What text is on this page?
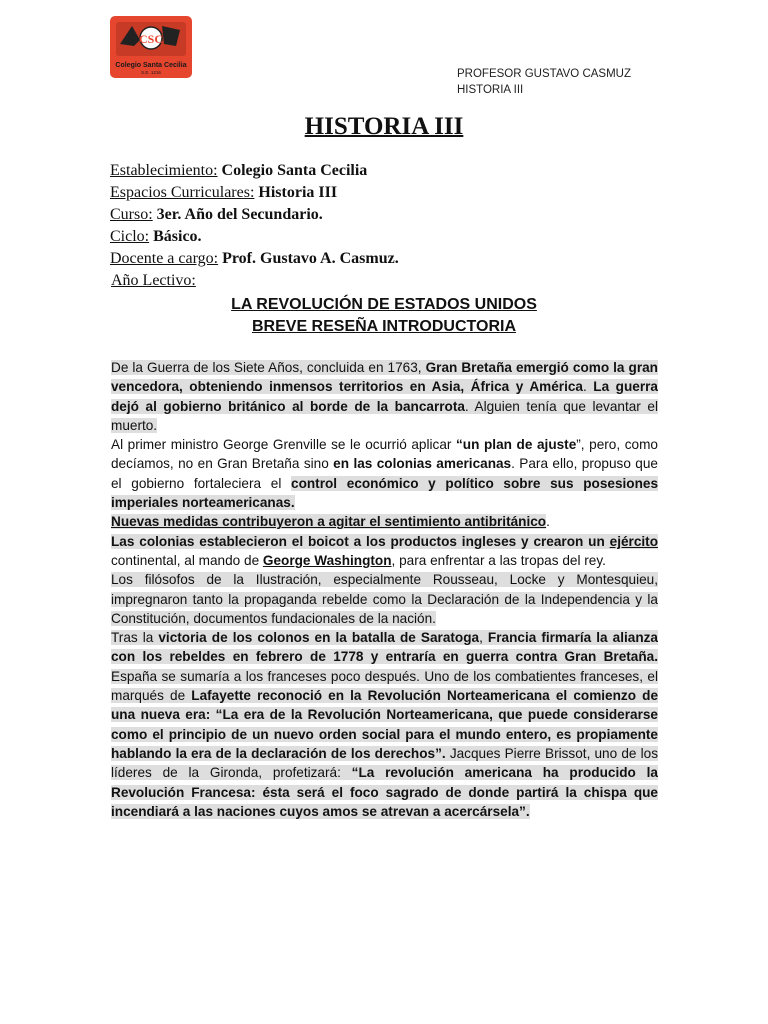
CSC
Colegio Santa Cecilia
S.E. 1216	PROFESOR GUSTAVO CASMUZ
HISTORIA III
HISTORIA III
Establecimiento: Colegio Santa Cecilia
Espacios Curriculares: Historia III
Curso: 3er. Año del Secundario.
Ciclo: Básico.
Docente a cargo: Prof. Gustavo A. Casmuz.
Año Lectivo:
LA REVOLUCIÓN DE ESTADOS UNIDOS
BREVE RESEÑA INTRODUCTORIA

De la Guerra de los Siete Años, concluida en 1763, Gran Bretaña emergió como la gran vencedora, obteniendo inmensos territorios en Asia, África y América. La guerra dejó al gobierno británico al borde de la bancarrota. Alguien tenía que levantar el muerto.

Al primer ministro George Grenville se le ocurrió aplicar “un plan de ajuste”, pero, como decíamos, no en Gran Bretaña sino en las colonias americanas. Para ello, propuso que el gobierno fortaleciera el control económico y político sobre sus posesiones imperiales norteamericanas.

Nuevas medidas contribuyeron a agitar el sentimiento antibritánico.

Las colonias establecieron el boicot a los productos ingleses y crearon un ejército continental, al mando de George Washington, para enfrentar a las tropas del rey.

Los filósofos de la Ilustración, especialmente Rousseau, Locke y Montesquieu, impregnaron tanto la propaganda rebelde como la Declaración de la Independencia y la Constitución, documentos fundacionales de la nación.

Tras la victoria de los colonos en la batalla de Saratoga, Francia firmaría la alianza con los rebeldes en febrero de 1778 y entraría en guerra contra Gran Bretaña. España se sumaría a los franceses poco después. Uno de los combatientes franceses, el marqués de Lafayette reconoció en la Revolución Norteamericana el comienzo de una nueva era: “La era de la Revolución Norteamericana, que puede considerarse como el principio de un nuevo orden social para el mundo entero, es propiamente hablando la era de la declaración de los derechos”. Jacques Pierre Brissot, uno de los líderes de la Gironda, profetizará: “La revolución americana ha producido la Revolución Francesa: ésta será el foco sagrado de donde partirá la chispa que incendiará a las naciones cuyos amos se atrevan a acercársela”.
